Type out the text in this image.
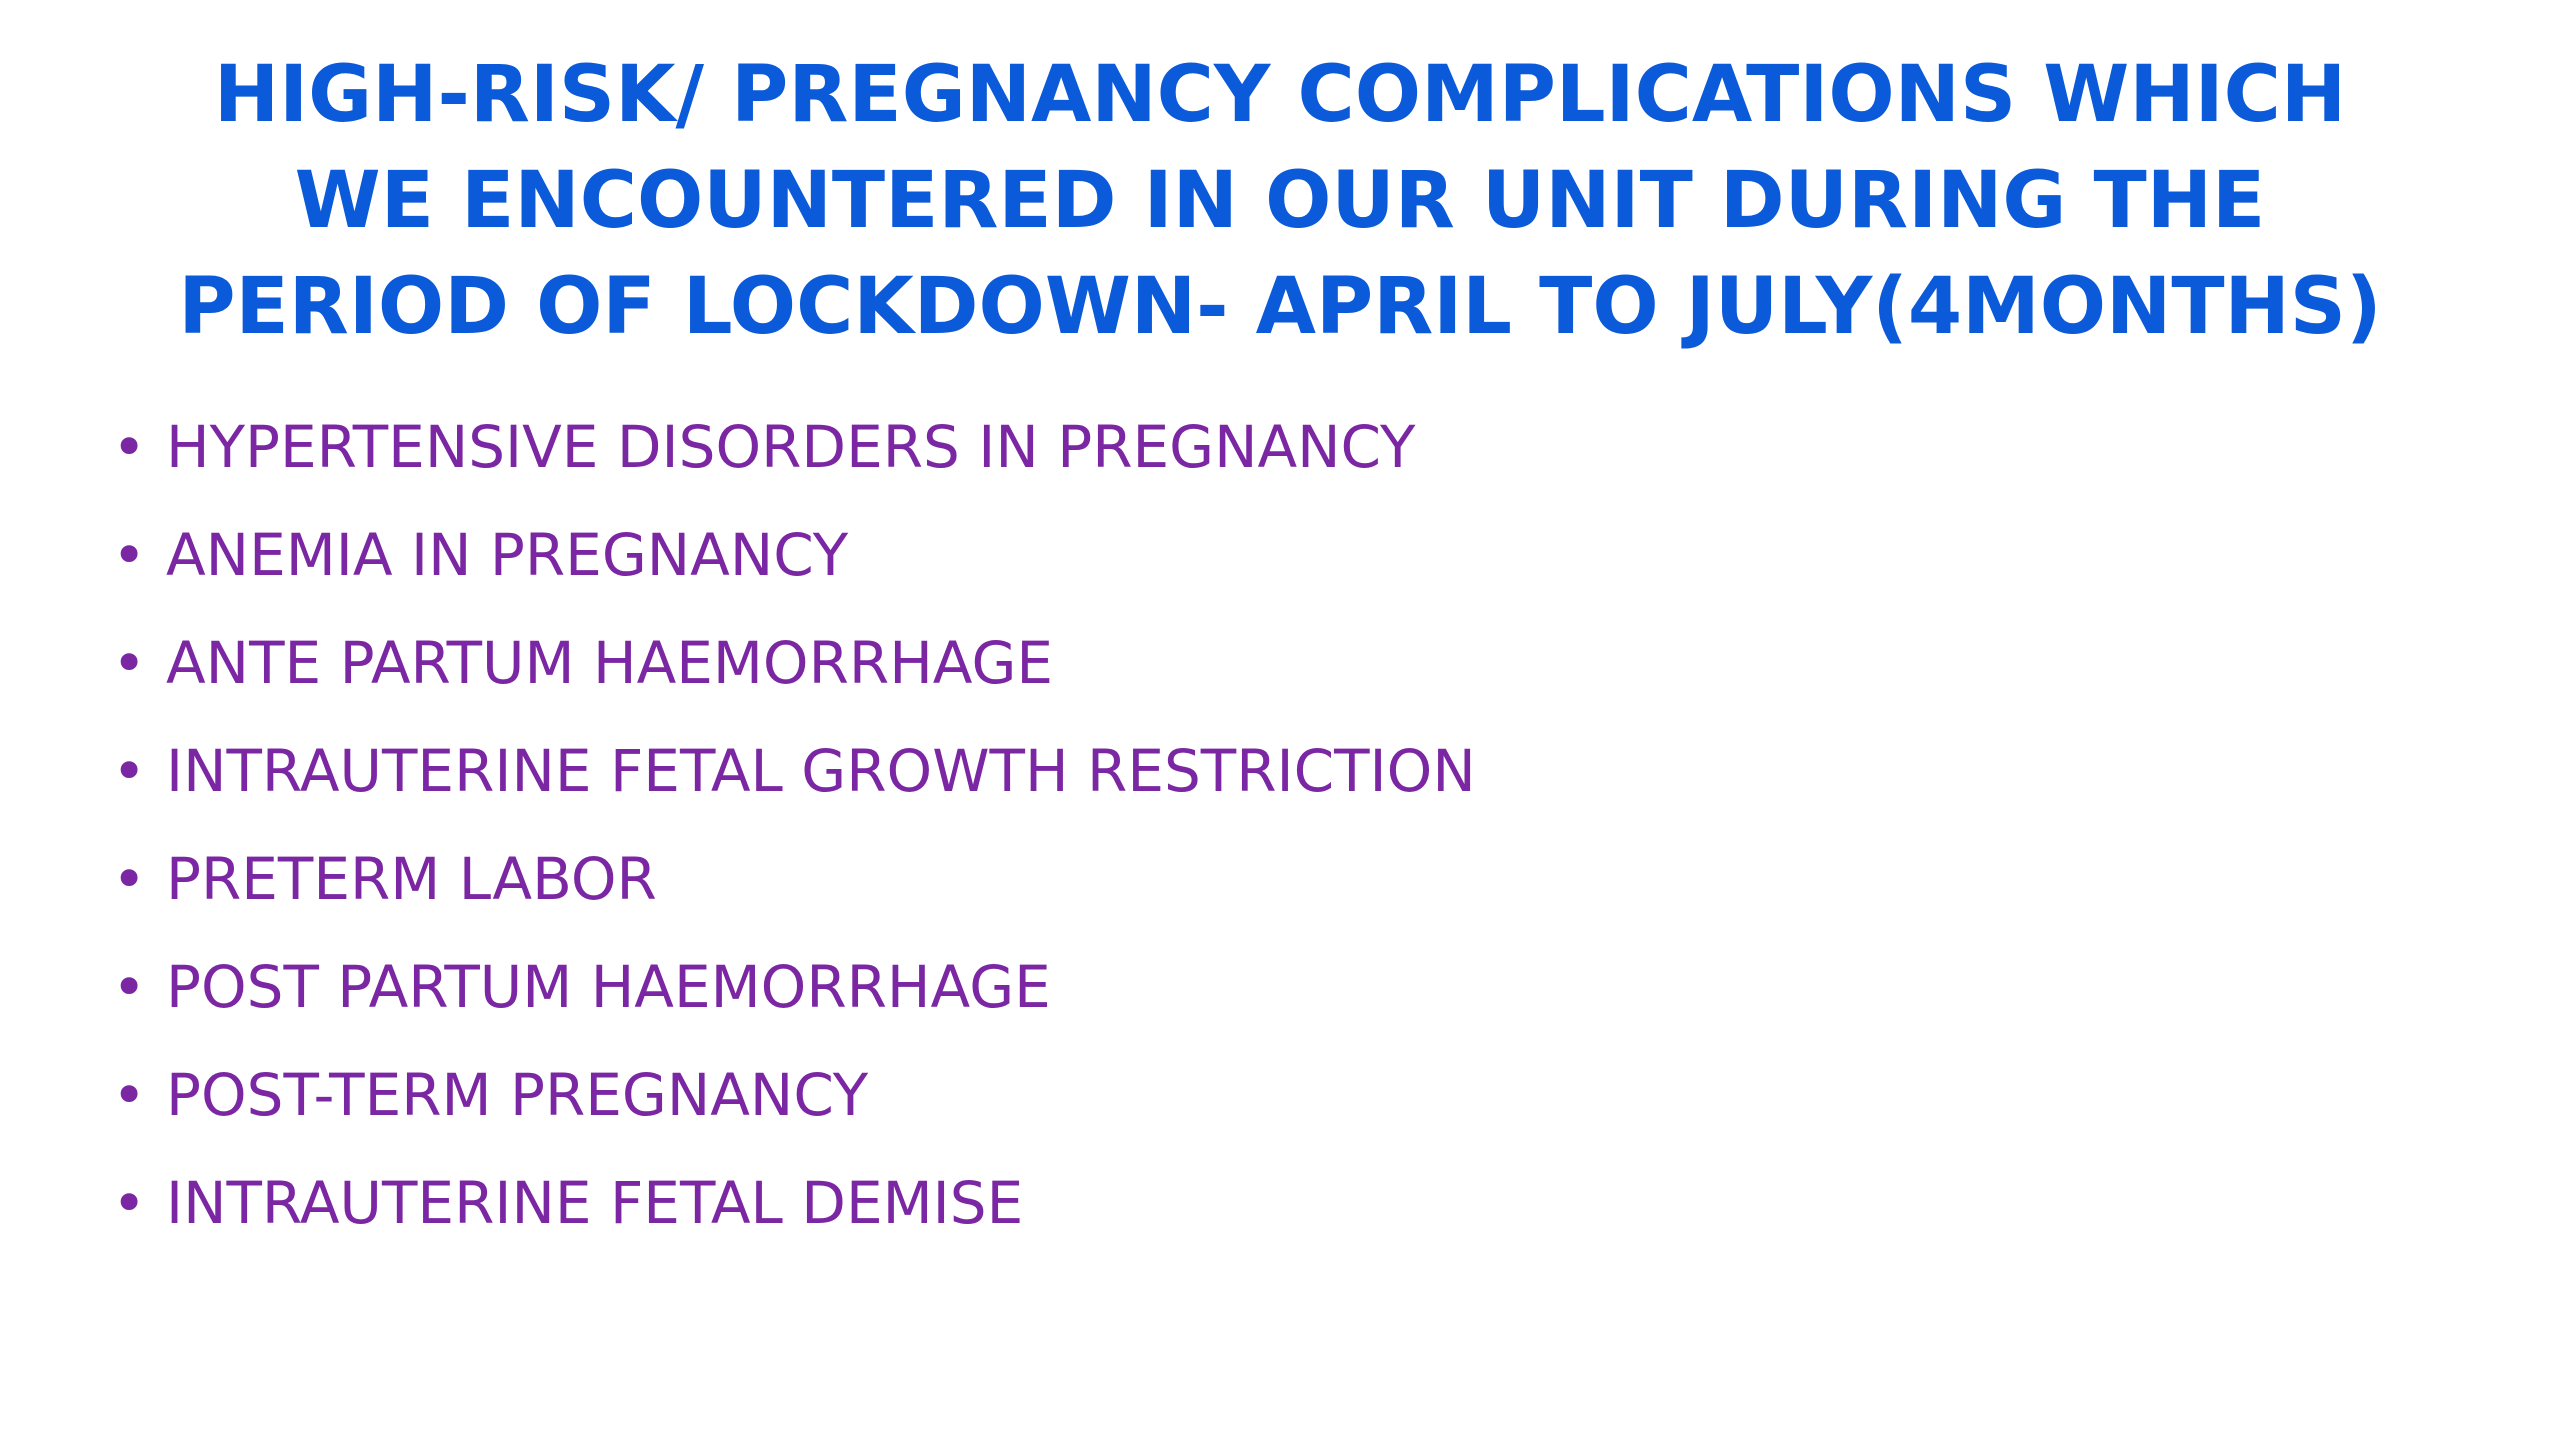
HIGH-RISK/ PREGNANCY COMPLICATIONS WHICH
WE ENCOUNTERED IN OUR UNIT DURING THE
PERIOD OF LOCKDOWN- APRIL TO JULY(4MONTHS)
• HYPERTENSIVE DISORDERS IN PREGNANCY
• ANEMIA IN PREGNANCY
• ANTE PARTUM HAEMORRHAGE
• INTRAUTERINE FETAL GROWTH RESTRICTION
• PRETERM LABOR
• POST PARTUM HAEMORRHAGE
• POST-TERM PREGNANCY
• INTRAUTERINE FETAL DEMISE
